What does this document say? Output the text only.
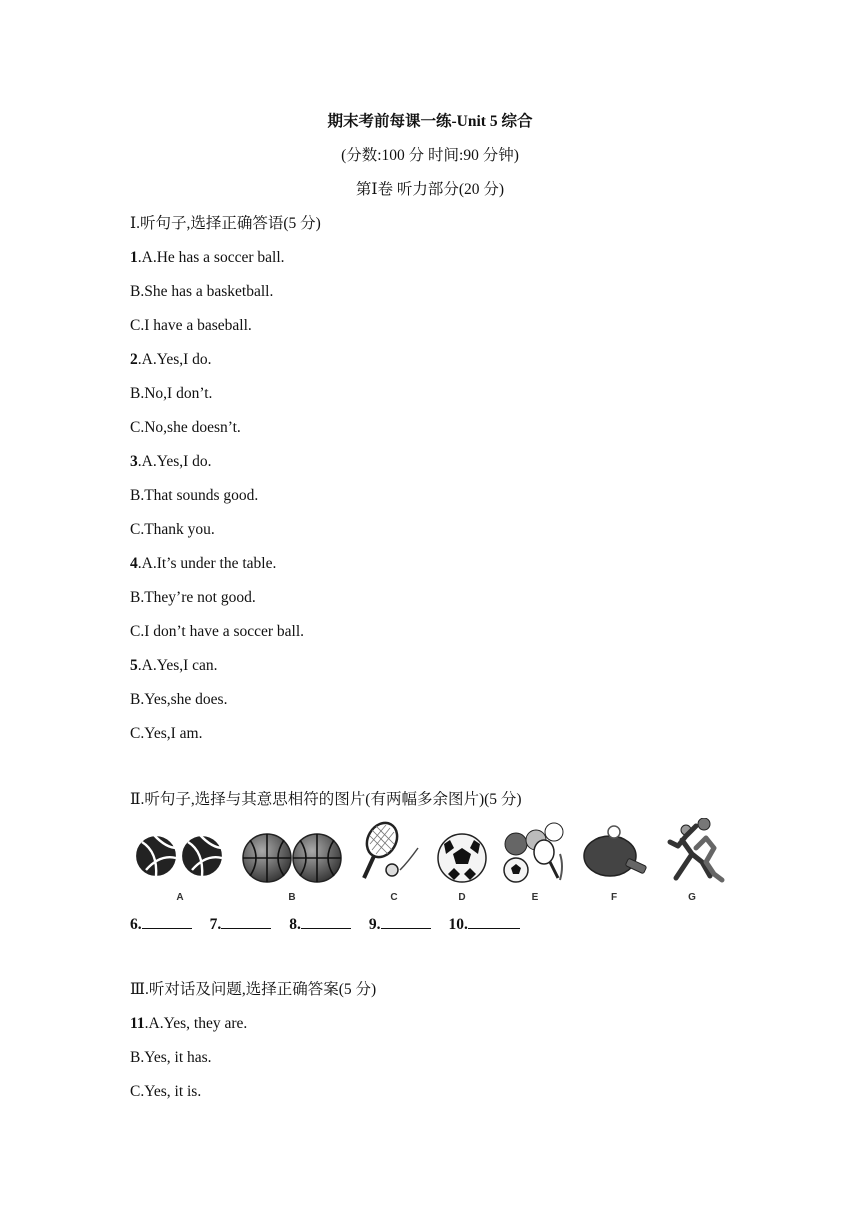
期末考前每课一练-Unit 5 综合
(分数:100 分 时间:90 分钟)
第Ⅰ卷 听力部分(20 分)
Ⅰ.听句子,选择正确答语(5 分)
1.A.He has a soccer ball.
B.She has a basketball.
C.I have a baseball.
2.A.Yes,I do.
B.No,I don’t.
C.No,she doesn’t.
3.A.Yes,I do.
B.That sounds good.
C.Thank you.
4.A.It’s under the table.
B.They’re not good.
C.I don’t have a soccer ball.
5.A.Yes,I can.
B.Yes,she does.
C.Yes,I am.
Ⅱ.听句子,选择与其意思相符的图片(有两幅多余图片)(5 分)
A	B	C	D	E	F	G
6.	7.	8.	9.	10.
Ⅲ.听对话及问题,选择正确答案(5 分)
11.A.Yes, they are.
B.Yes, it has.
C.Yes, it is.
